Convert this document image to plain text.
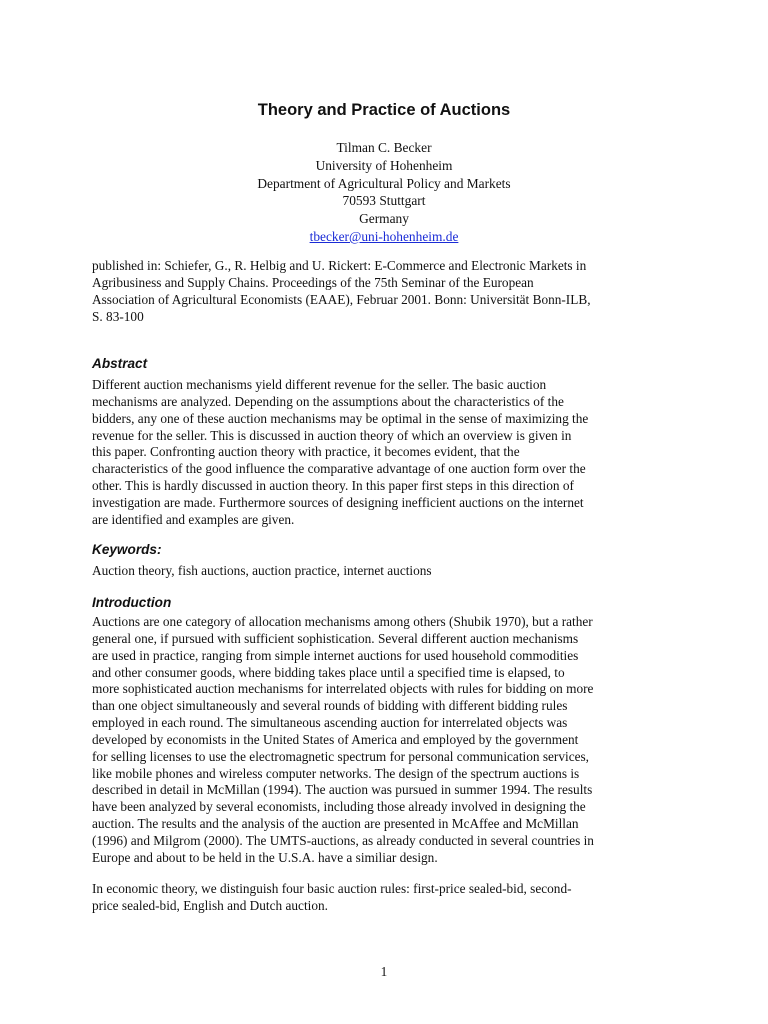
Theory and Practice of Auctions
Tilman C. Becker
University of Hohenheim
Department of Agricultural Policy and Markets
70593 Stuttgart
Germany
tbecker@uni-hohenheim.de

published in: Schiefer, G., R. Helbig and U. Rickert: E-Commerce and Electronic Markets in
Agribusiness and Supply Chains. Proceedings of the 75th Seminar of the European
Association of Agricultural Economists (EAAE), Februar 2001. Bonn: Universität Bonn-ILB,
S. 83-100

Abstract

Different auction mechanisms yield different revenue for the seller. The basic auction
mechanisms are analyzed. Depending on the assumptions about the characteristics of the
bidders, any one of these auction mechanisms may be optimal in the sense of maximizing the
revenue for the seller. This is discussed in auction theory of which an overview is given in
this paper. Confronting auction theory with practice, it becomes evident, that the
characteristics of the good influence the comparative advantage of one auction form over the
other. This is hardly discussed in auction theory. In this paper first steps in this direction of
investigation are made. Furthermore sources of designing inefficient auctions on the internet
are identified and examples are given.

Keywords:

Auction theory, fish auctions, auction practice, internet auctions

Introduction

Auctions are one category of allocation mechanisms among others (Shubik 1970), but a rather
general one, if pursued with sufficient sophistication. Several different auction mechanisms
are used in practice, ranging from simple internet auctions for used household commodities
and other consumer goods, where bidding takes place until a specified time is elapsed, to
more sophisticated auction mechanisms for interrelated objects with rules for bidding on more
than one object simultaneously and several rounds of bidding with different bidding rules
employed in each round. The simultaneous ascending auction for interrelated objects was
developed by economists in the United States of America and employed by the government
for selling licenses to use the electromagnetic spectrum for personal communication services,
like mobile phones and wireless computer networks. The design of the spectrum auctions is
described in detail in McMillan (1994). The auction was pursued in summer 1994. The results
have been analyzed by several economists, including those already involved in designing the
auction. The results and the analysis of the auction are presented in McAffee and McMillan
(1996) and Milgrom (2000). The UMTS-auctions, as already conducted in several countries in
Europe and about to be held in the U.S.A. have a similiar design.

In economic theory, we distinguish four basic auction rules: first-price sealed-bid, second-
price sealed-bid, English and Dutch auction.

1
